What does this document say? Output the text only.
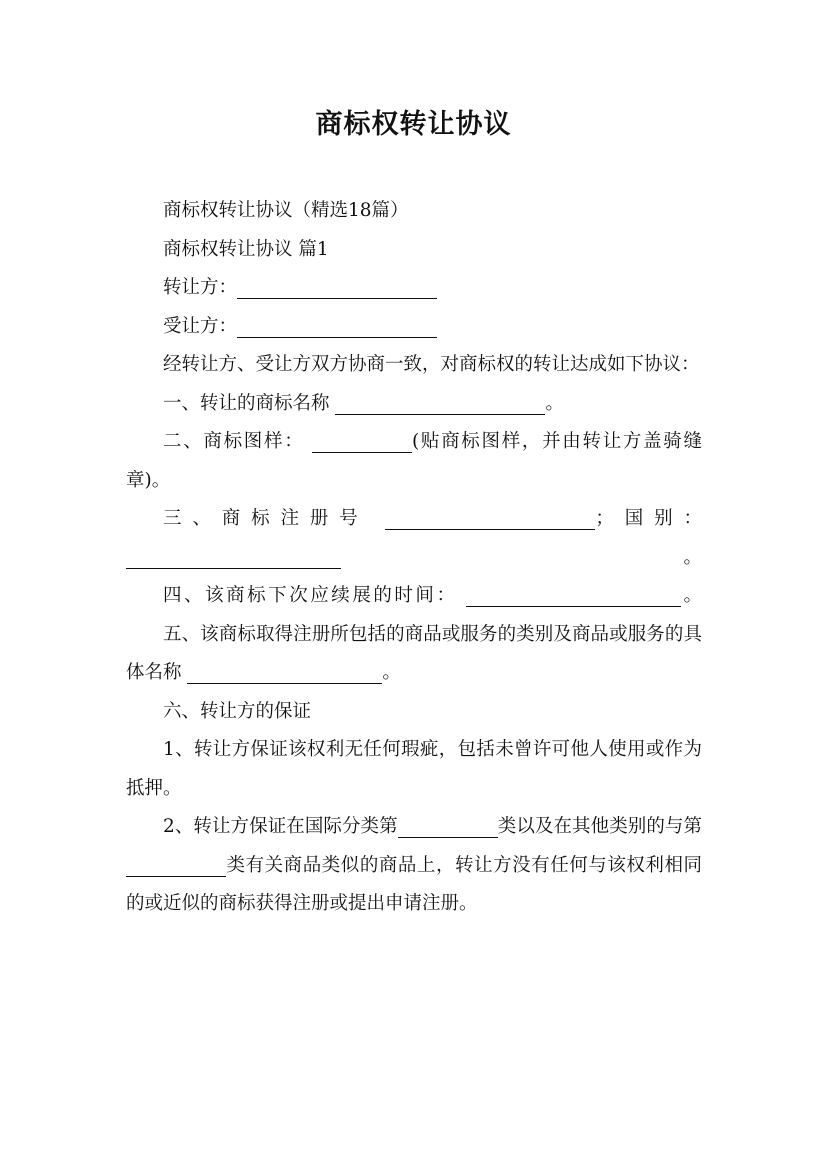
商标权转让协议

商标权转让协议（精选18篇）

商标权转让协议 篇1

转让方：

受让方：

经转让方、受让方双方协商一致，对商标权的转让达成如下协议：

一、转让的商标名称	。

二、商标图样：	(贴商标图样，并由转让方盖骑缝章)。

三、商标注册号	；国别： 。

四、该商标下次应续展的时间：	。

五、该商标取得注册所包括的商品或服务的类别及商品或服务的具体名称	。

六、转让方的保证

1、转让方保证该权利无任何瑕疵，包括未曾许可他人使用或作为抵押。

2、转让方保证在国际分类第	类以及在其他类别的与第类有关商品类似的商品上，转让方没有任何与该权利相同的或近似的商标获得注册或提出申请注册。
